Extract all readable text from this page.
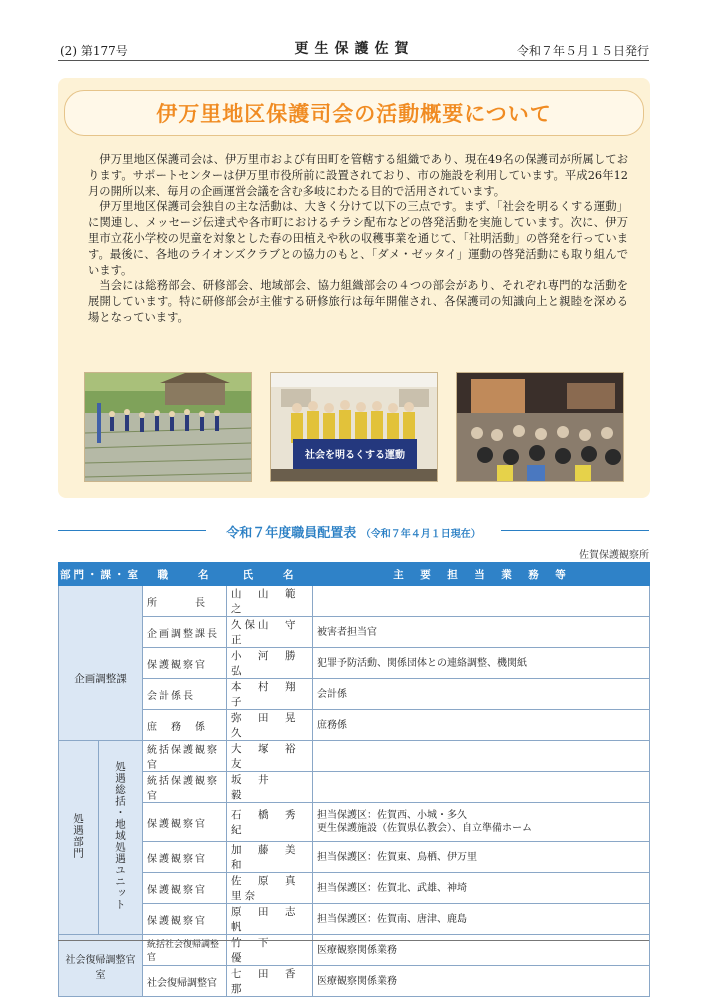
(2) 第177号	更生保護佐賀	令和７年５月１５日発行
伊万里地区保護司会の活動概要について

伊万里地区保護司会は、伊万里市および有田町を管轄する組織であり、現在49名の保護司が所属しております。サポートセンターは伊万里市役所前に設置されており、市の施設を利用しています。平成26年12月の開所以来、毎月の企画運営会議を含む多岐にわたる目的で活用されています。

伊万里地区保護司会独自の主な活動は、大きく分けて以下の三点です。まず、「社会を明るくする運動」に関連し、メッセージ伝達式や各市町におけるチラシ配布などの啓発活動を実施しています。次に、伊万里市立花小学校の児童を対象とした春の田植えや秋の収穫事業を通じて、「社明活動」の啓発を行っています。最後に、各地のライオンズクラブとの協力のもと、「ダメ・ゼッタイ」運動の啓発活動にも取り組んでいます。

当会には総務部会、研修部会、地域部会、協力組織部会の４つの部会があり、それぞれ専門的な活動を展開しています。特に研修部会が主催する研修旅行は毎年開催され、各保護司の知識向上と親睦を深める場となっています。

社会を明るくする運動
令和７年度職員配置表 （令和７年４月１日現在）
佐賀保護観察所
部門・課・室		職　　名	氏　　名	主　要　担　当　業　務　等
		所　　　長	山　山　範　之	
企画調整課		企画調整課長	久保山　守　正	被害者担当官
		保護観察官	小　河　勝　弘	犯罪予防活動、関係団体との連絡調整、機関紙
		会計係長	本　村　翔　子	会計係
		庶　務　係	弥　田　晃　久	庶務係
処遇部門	処遇総括・地域処遇ユニット	統括保護観察官	大　塚　裕　友	
		統括保護観察官	坂　井　　毅	
		保護観察官	石　橋　秀　紀	担当保護区：佐賀西、小城・多久
更生保護施設（佐賀県仏教会）、自立準備ホーム

		保護観察官	加　藤　美　和	担当保護区：佐賀東、鳥栖、伊万里
		保護観察官	佐　原　真里奈	担当保護区：佐賀北、武雄、神埼
		保護観察官	原　田　志　帆	担当保護区：佐賀南、唐津、鹿島
社会復帰調整官室		統括社会復帰調整官	竹　下　　優	医療観察関係業務
		社会復帰調整官	七　田　香　那	医療観察関係業務
